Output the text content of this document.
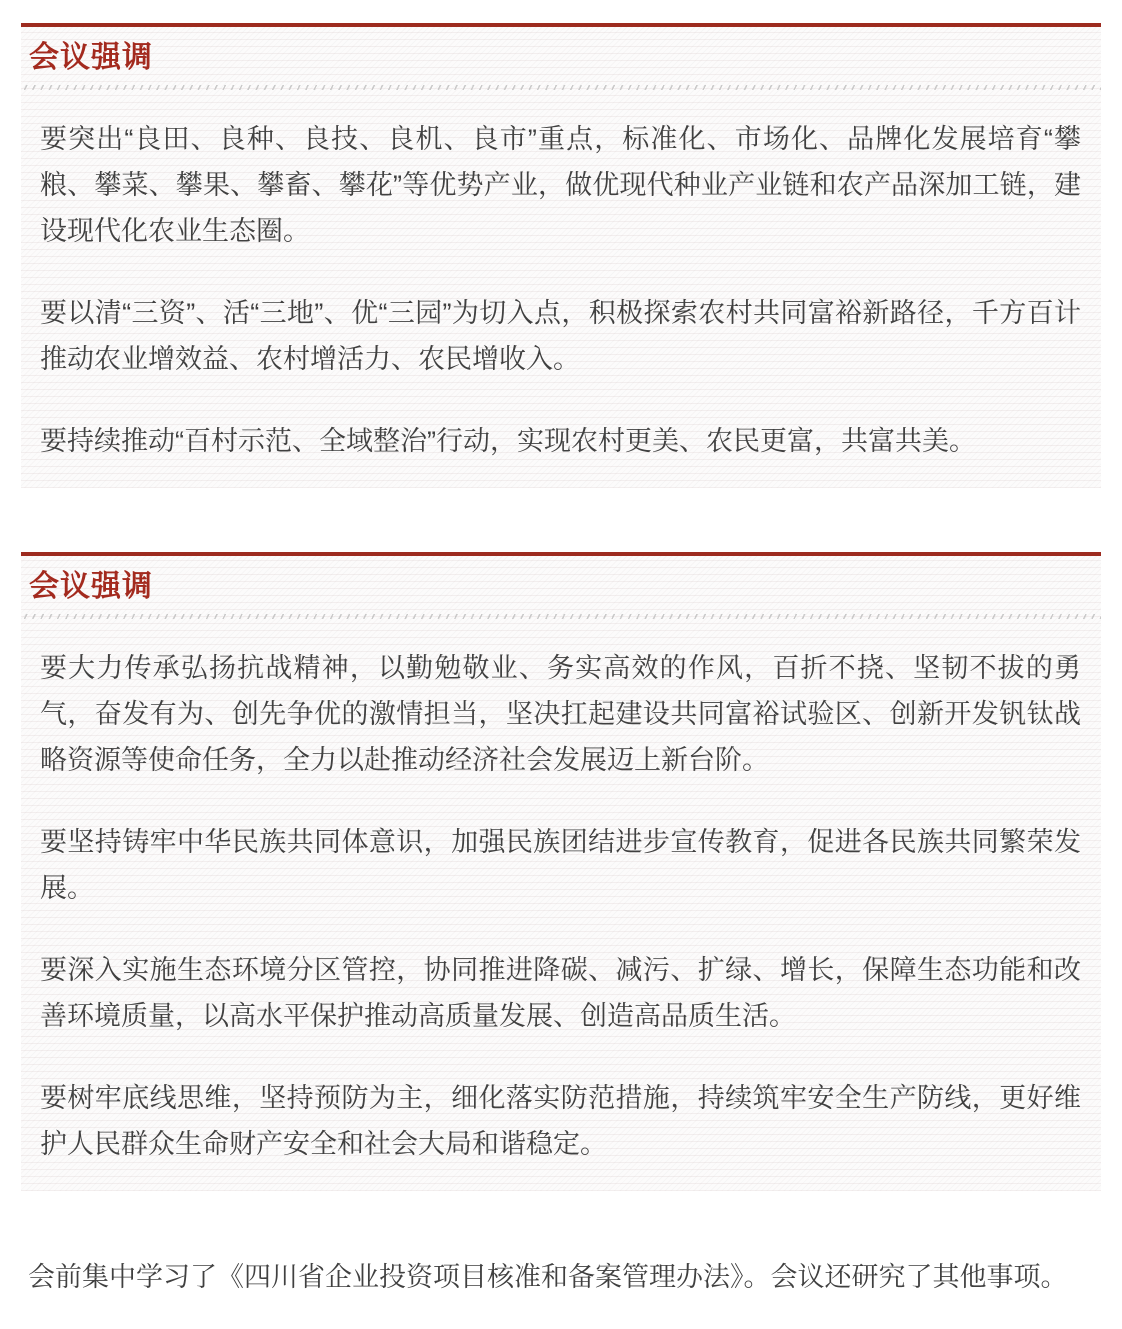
会议强调

要突出“良田、良种、良技、良机、良市”重点，标准化、市场化、品牌化发展培育“攀粮、攀菜、攀果、攀畜、攀花”等优势产业，做优现代种业产业链和农产品深加工链，建设现代化农业生态圈。

要以清“三资”、活“三地”、优“三园”为切入点，积极探索农村共同富裕新路径，千方百计推动农业增效益、农村增活力、农民增收入。

要持续推动“百村示范、全域整治”行动，实现农村更美、农民更富，共富共美。

会议强调

要大力传承弘扬抗战精神，以勤勉敬业、务实高效的作风，百折不挠、坚韧不拔的勇气，奋发有为、创先争优的激情担当，坚决扛起建设共同富裕试验区、创新开发钒钛战略资源等使命任务，全力以赴推动经济社会发展迈上新台阶。

要坚持铸牢中华民族共同体意识，加强民族团结进步宣传教育，促进各民族共同繁荣发展。

要深入实施生态环境分区管控，协同推进降碳、减污、扩绿、增长，保障生态功能和改善环境质量，以高水平保护推动高质量发展、创造高品质生活。

要树牢底线思维，坚持预防为主，细化落实防范措施，持续筑牢安全生产防线，更好维护人民群众生命财产安全和社会大局和谐稳定。

会前集中学习了《四川省企业投资项目核准和备案管理办法》。会议还研究了其他事项。
